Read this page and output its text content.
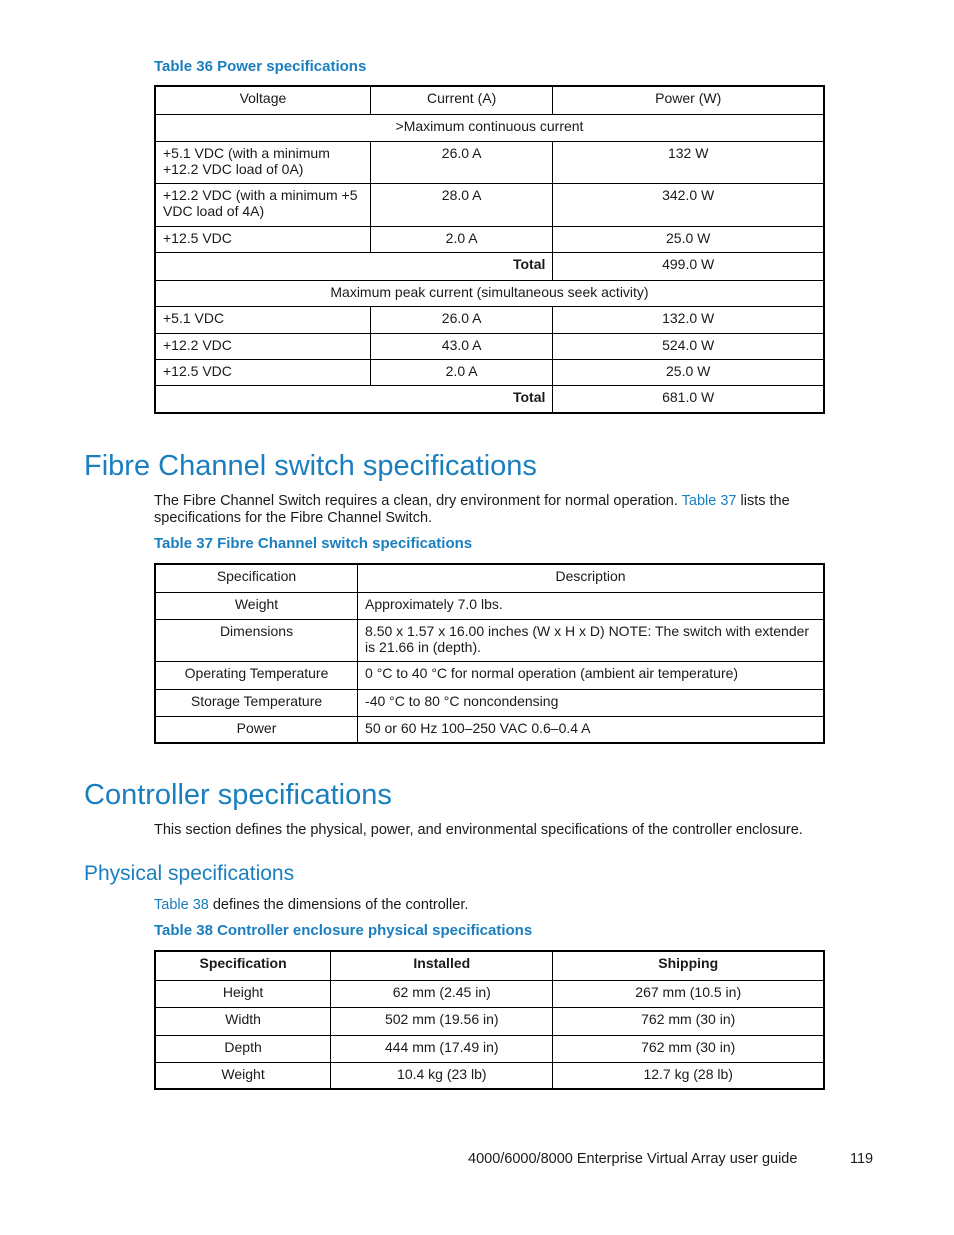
Table 36 Power specifications
Voltage	Current (A)	Power (W)
>Maximum continuous current		
+5.1 VDC (with a minimum +12.2 VDC load of 0A)	26.0 A	132 W
+12.2 VDC (with a minimum +5 VDC load of 4A)	28.0 A	342.0 W
+12.5 VDC	2.0 A	25.0 W
Total		499.0 W
Maximum peak current (simultaneous seek activity)		
+5.1 VDC	26.0 A	132.0 W
+12.2 VDC	43.0 A	524.0 W
+12.5 VDC	2.0 A	25.0 W
Total		681.0 W
Fibre Channel switch specifications
The Fibre Channel Switch requires a clean, dry environment for normal operation. Table 37 lists the
specifications for the Fibre Channel Switch.
Table 37 Fibre Channel switch specifications
Specification	Description
Weight	Approximately 7.0 lbs.
Dimensions	8.50 x 1.57 x 16.00 inches (W x H x D) NOTE: The switch with extender is 21.66 in (depth).
Operating Temperature	0 °C to 40 °C for normal operation (ambient air temperature)
Storage Temperature	-40 °C to 80 °C noncondensing
Power	50 or 60 Hz 100–250 VAC 0.6–0.4 A
Controller specifications
This section defines the physical, power, and environmental specifications of the controller enclosure.
Physical specifications
Table 38 defines the dimensions of the controller.
Table 38 Controller enclosure physical specifications
Specification	Installed	Shipping
Height	62 mm (2.45 in)	267 mm (10.5 in)
Width	502 mm (19.56 in)	762 mm (30 in)
Depth	444 mm (17.49 in)	762 mm (30 in)
Weight	10.4 kg (23 lb)	12.7 kg (28 lb)
4000/6000/8000 Enterprise Virtual Array user guide	119
